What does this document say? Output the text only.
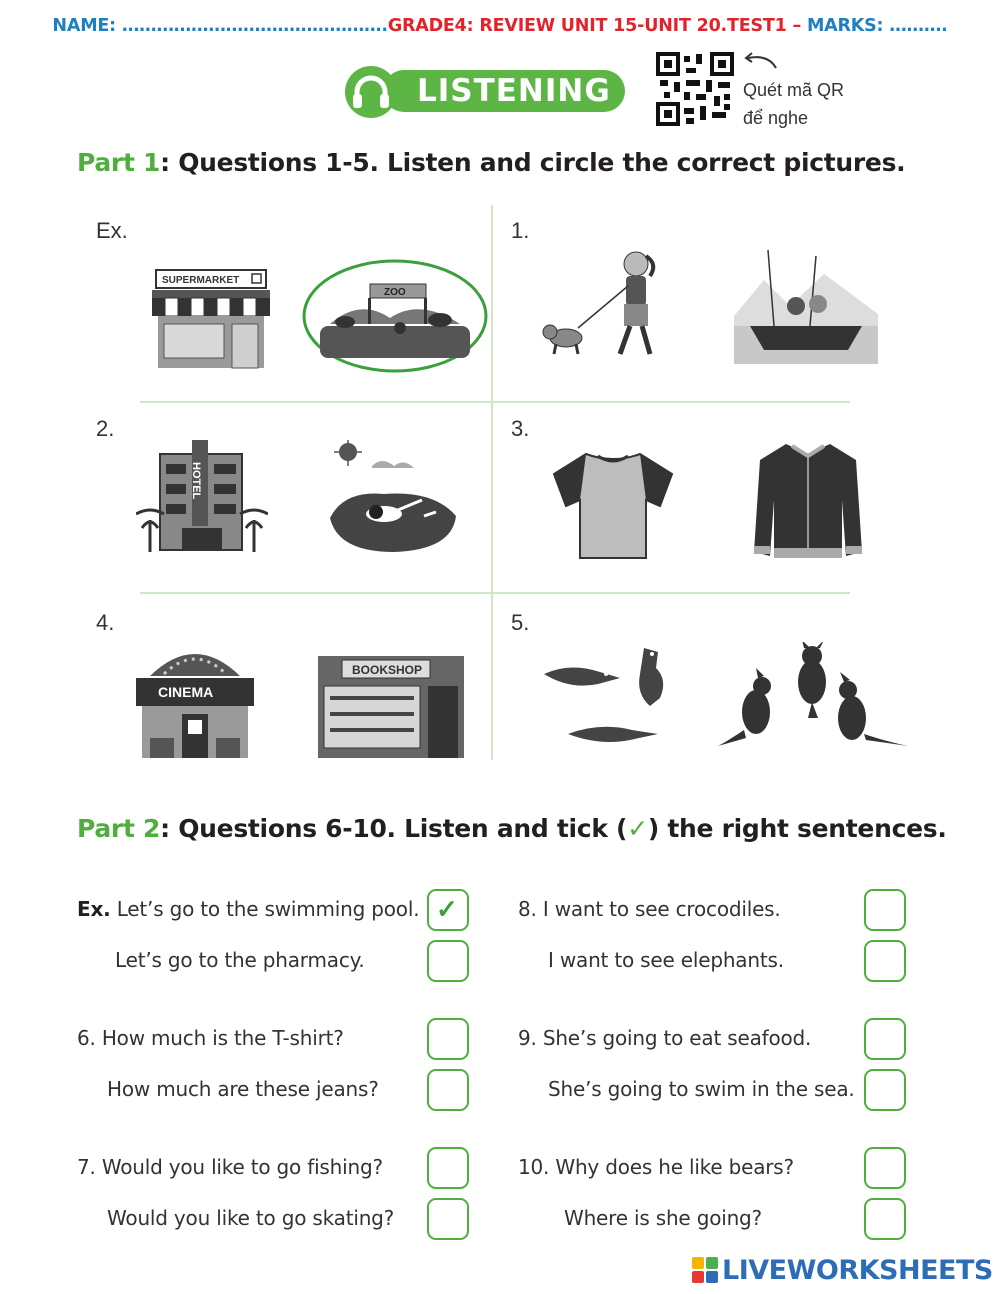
NAME: ……………………………………….GRADE4: REVIEW UNIT 15-UNIT 20.TEST1 – MARKS: ……….
LISTENING	Quét mã QR
để nghe
Part 1: Questions 1-5. Listen and circle the correct pictures.
Ex.	1.
2.	3.
4.	5.
SUPERMARKET
ZOO
HOTEL
CINEMA
BOOKSHOP
Part 2: Questions 6-10. Listen and tick (✓) the right sentences.
Ex. Let’s go to the swimming pool.
Let’s go to the pharmacy.
6. How much is the T-shirt?
How much are these jeans?
7. Would you like to go fishing?
Would you like to go skating?
✓	8. I want to see crocodiles.
I want to see elephants.
9. She’s going to eat seafood.
She’s going to swim in the sea.
10. Why does he like bears?
Where is she going?
LIVEWORKSHEETS
